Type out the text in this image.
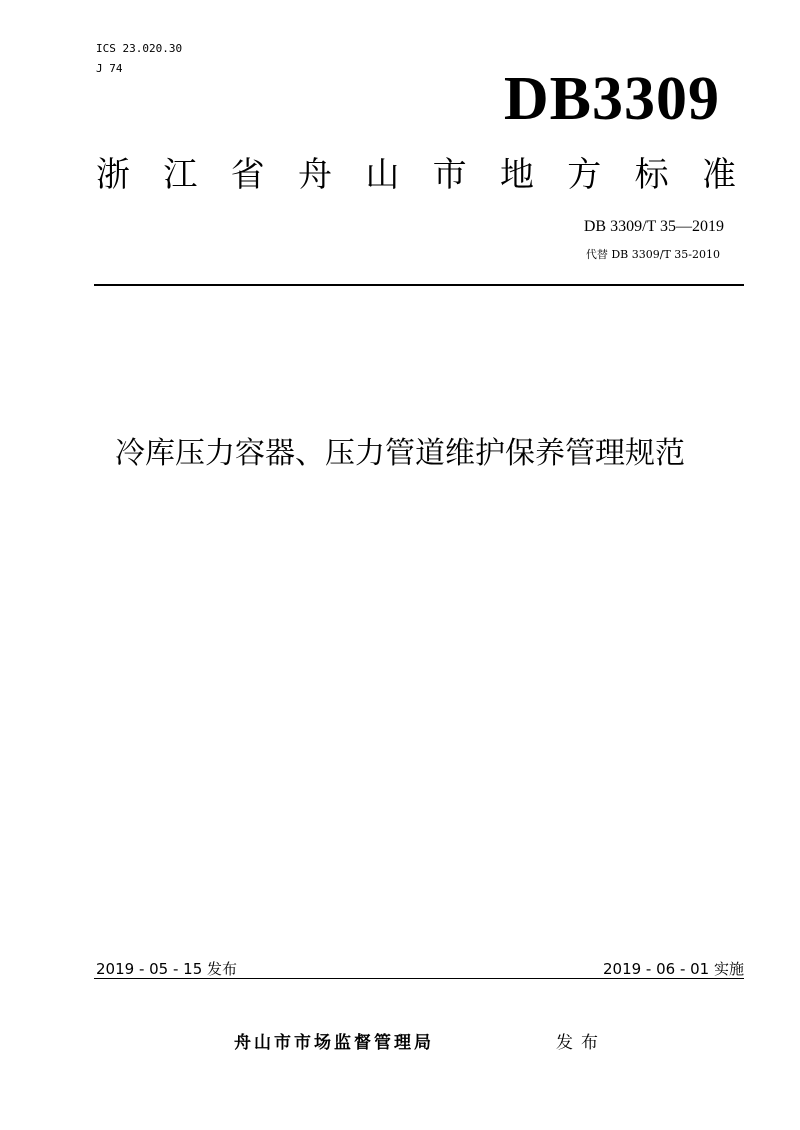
ICS 23.020.30
J 74	DB3309
浙 江 省 舟 山 市 地 方 标 准
DB 3309/T 35—2019
代替 DB 3309/T 35-2010
冷库压力容器、压力管道维护保养管理规范
2019 - 05 - 15 发布	2019 - 06 - 01 实施
舟山市市场监督管理局	发布
